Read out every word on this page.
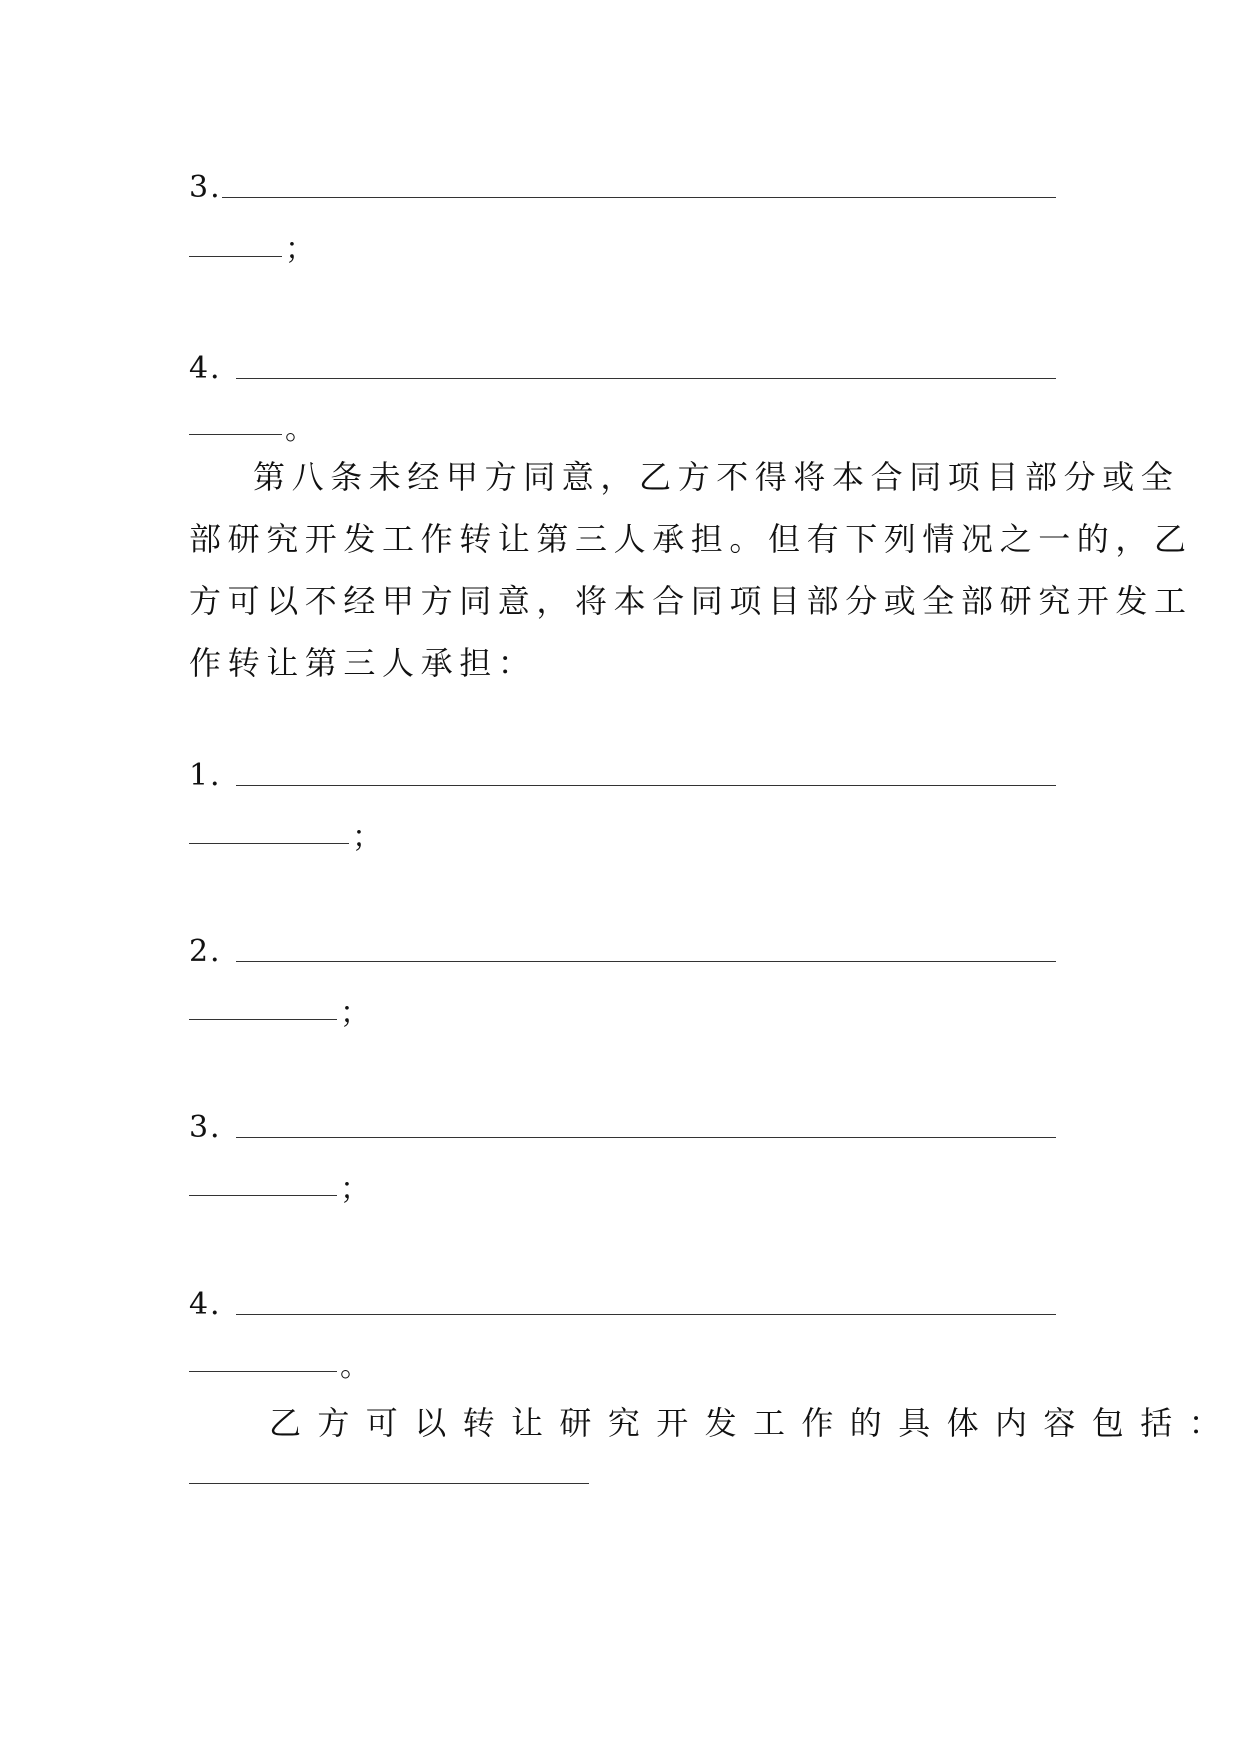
3.
；
4．
。
第八条未经甲方同意，乙方不得将本合同项目部分或全
部研究开发工作转让第三人承担。但有下列情况之一的，乙
方可以不经甲方同意，将本合同项目部分或全部研究开发工
作转让第三人承担：
1．
；
2．
；
3．
；
4．
。
乙方可以转让研究开发工作的具体内容包括：
